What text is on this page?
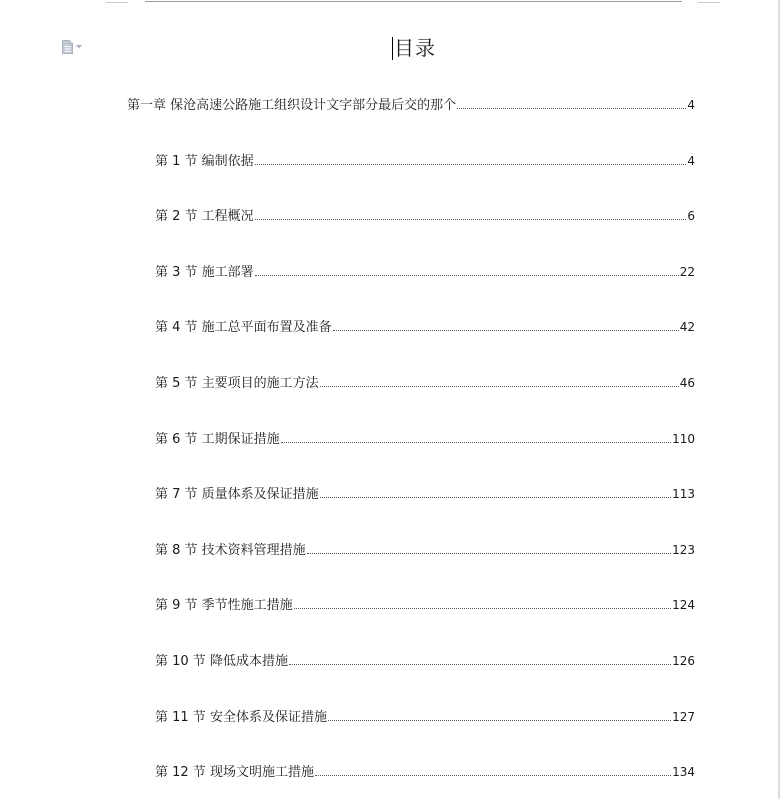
目录
第一章 保沧高速公路施工组织设计文字部分最后交的那个	4
第 1 节 编制依据	4
第 2 节 工程概况	6
第 3 节 施工部署	22
第 4 节 施工总平面布置及准备	42
第 5 节 主要项目的施工方法	46
第 6 节 工期保证措施	110
第 7 节 质量体系及保证措施	113
第 8 节 技术资料管理措施	123
第 9 节 季节性施工措施	124
第 10 节 降低成本措施	126
第 11 节 安全体系及保证措施	127
第 12 节 现场文明施工措施	134
